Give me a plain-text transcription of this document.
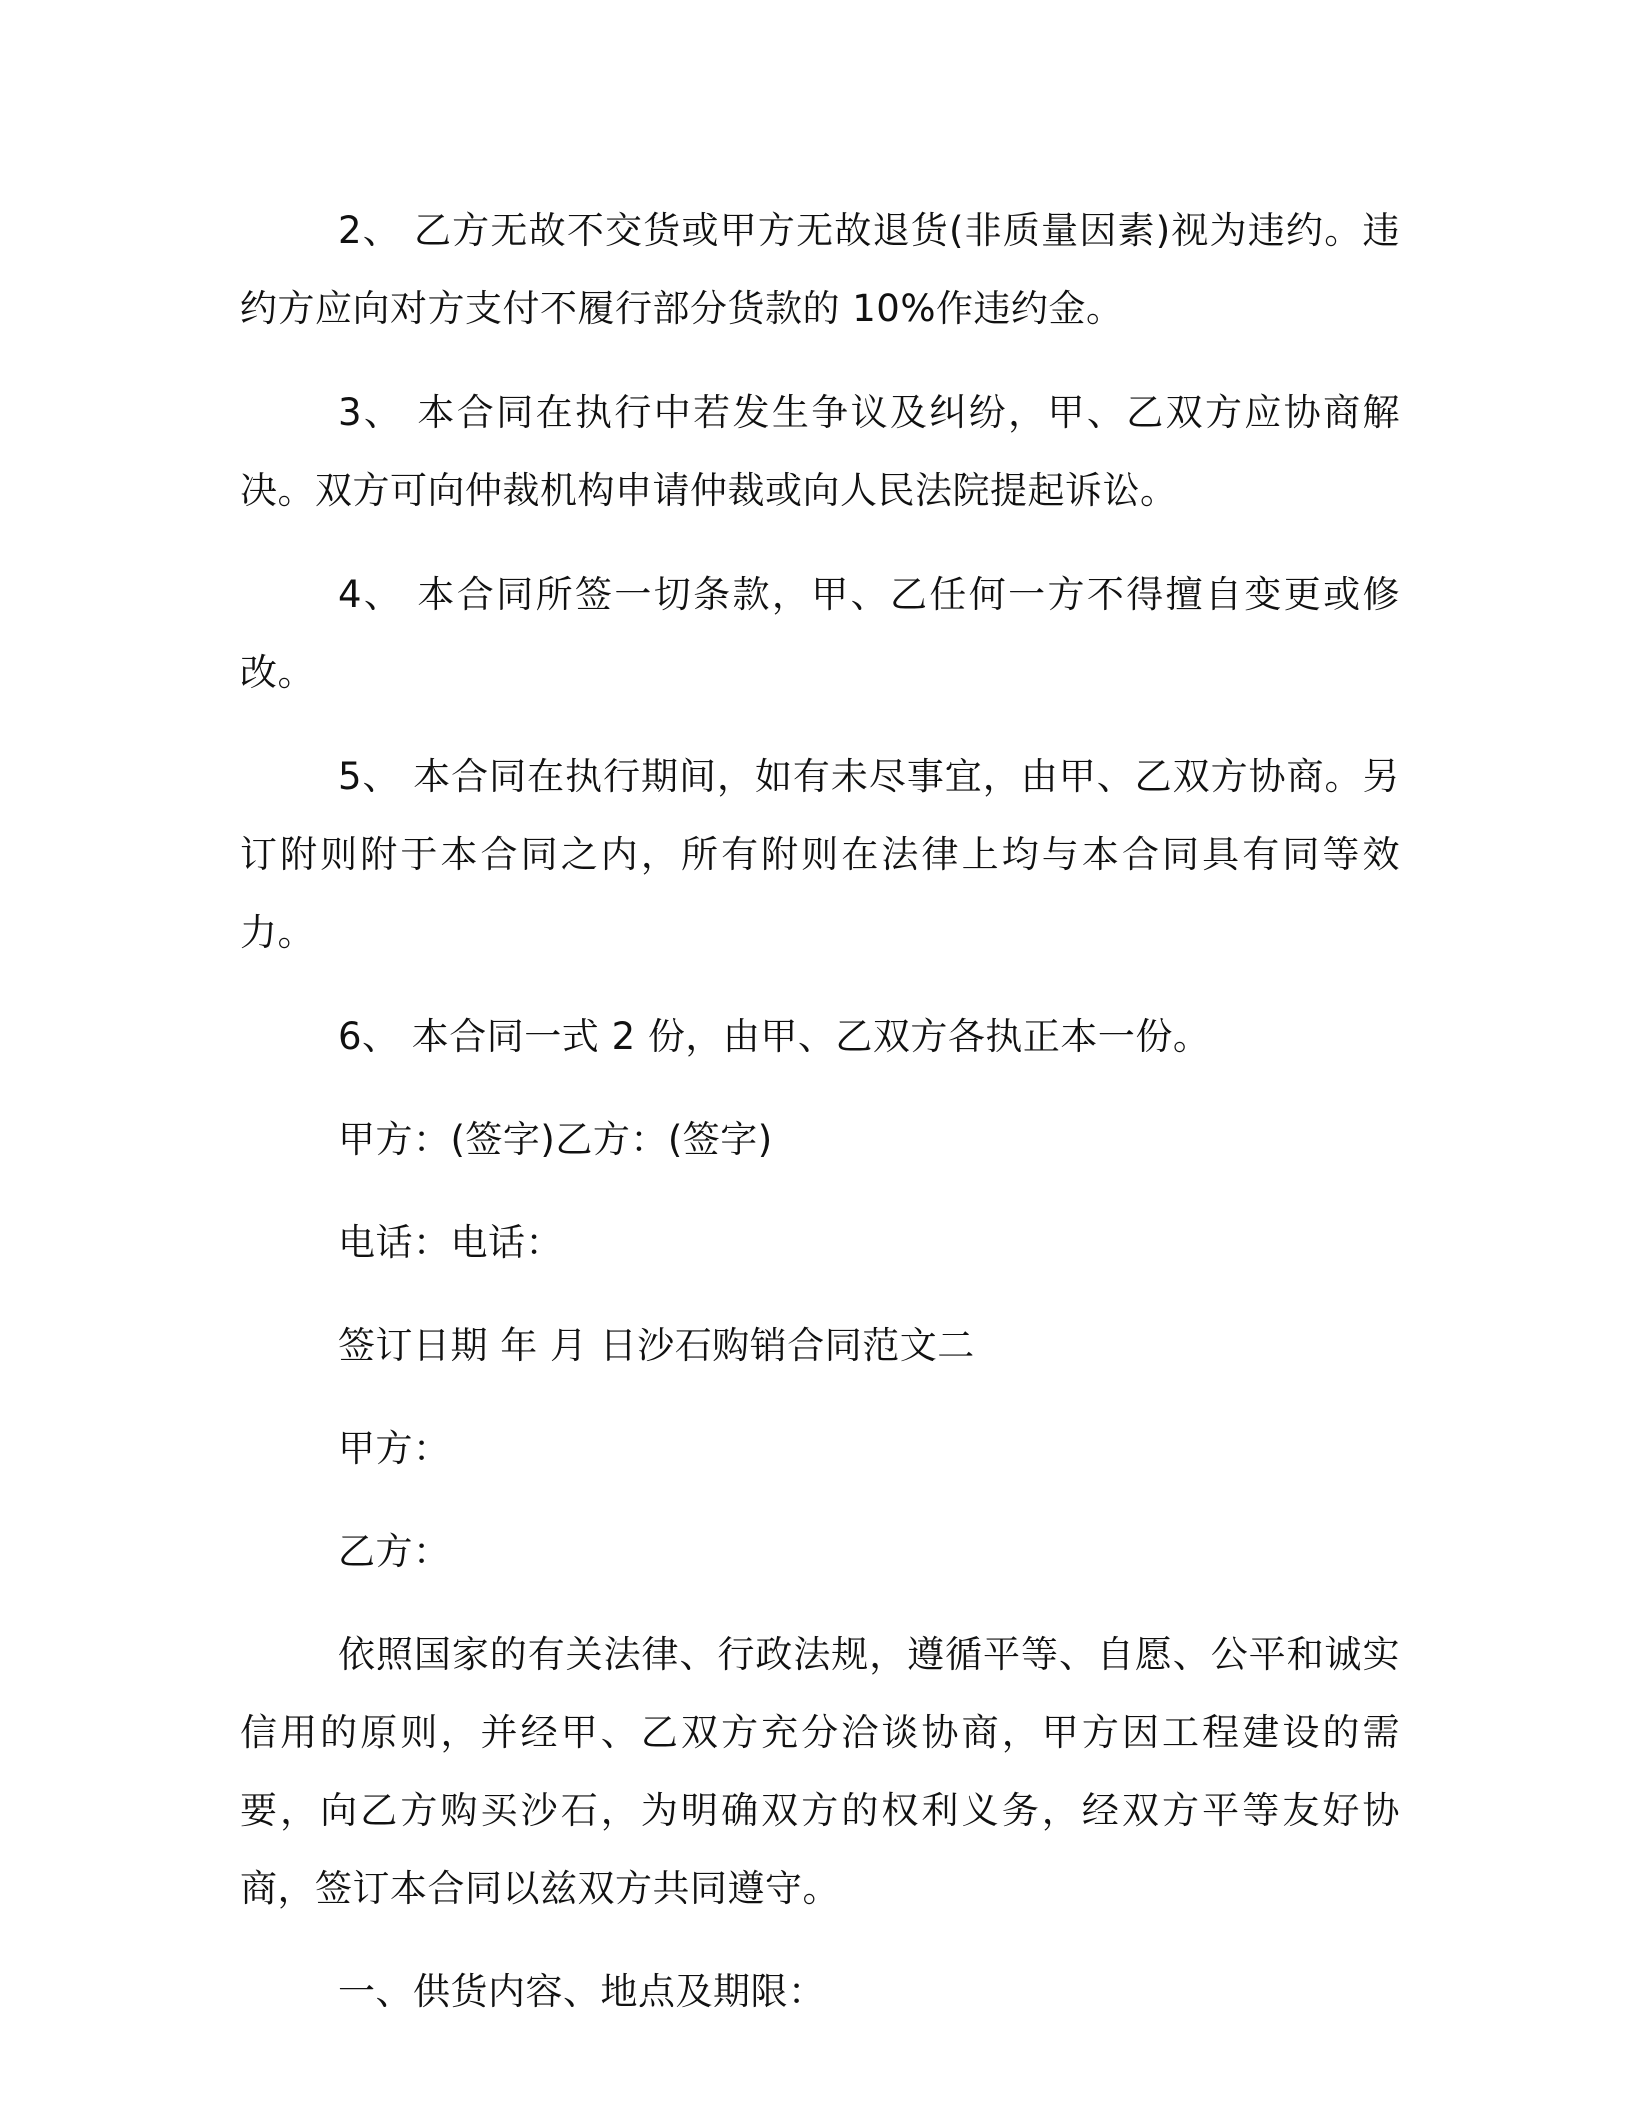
2、 乙方无故不交货或甲方无故退货(非质量因素)视为违约。违约方应向对方支付不履行部分货款的 10%作违约金。

3、 本合同在执行中若发生争议及纠纷，甲、乙双方应协商解决。双方可向仲裁机构申请仲裁或向人民法院提起诉讼。

4、 本合同所签一切条款，甲、乙任何一方不得擅自变更或修改。

5、 本合同在执行期间，如有未尽事宜，由甲、乙双方协商。另订附则附于本合同之内，所有附则在法律上均与本合同具有同等效力。

6、 本合同一式 2 份，由甲、乙双方各执正本一份。

甲方：(签字)乙方：(签字)

电话：电话：

签订日期 年 月 日沙石购销合同范文二

甲方：

乙方：

依照国家的有关法律、行政法规，遵循平等、自愿、公平和诚实信用的原则，并经甲、乙双方充分洽谈协商，甲方因工程建设的需要，向乙方购买沙石，为明确双方的权利义务，经双方平等友好协商，签订本合同以兹双方共同遵守。

一、供货内容、地点及期限：
